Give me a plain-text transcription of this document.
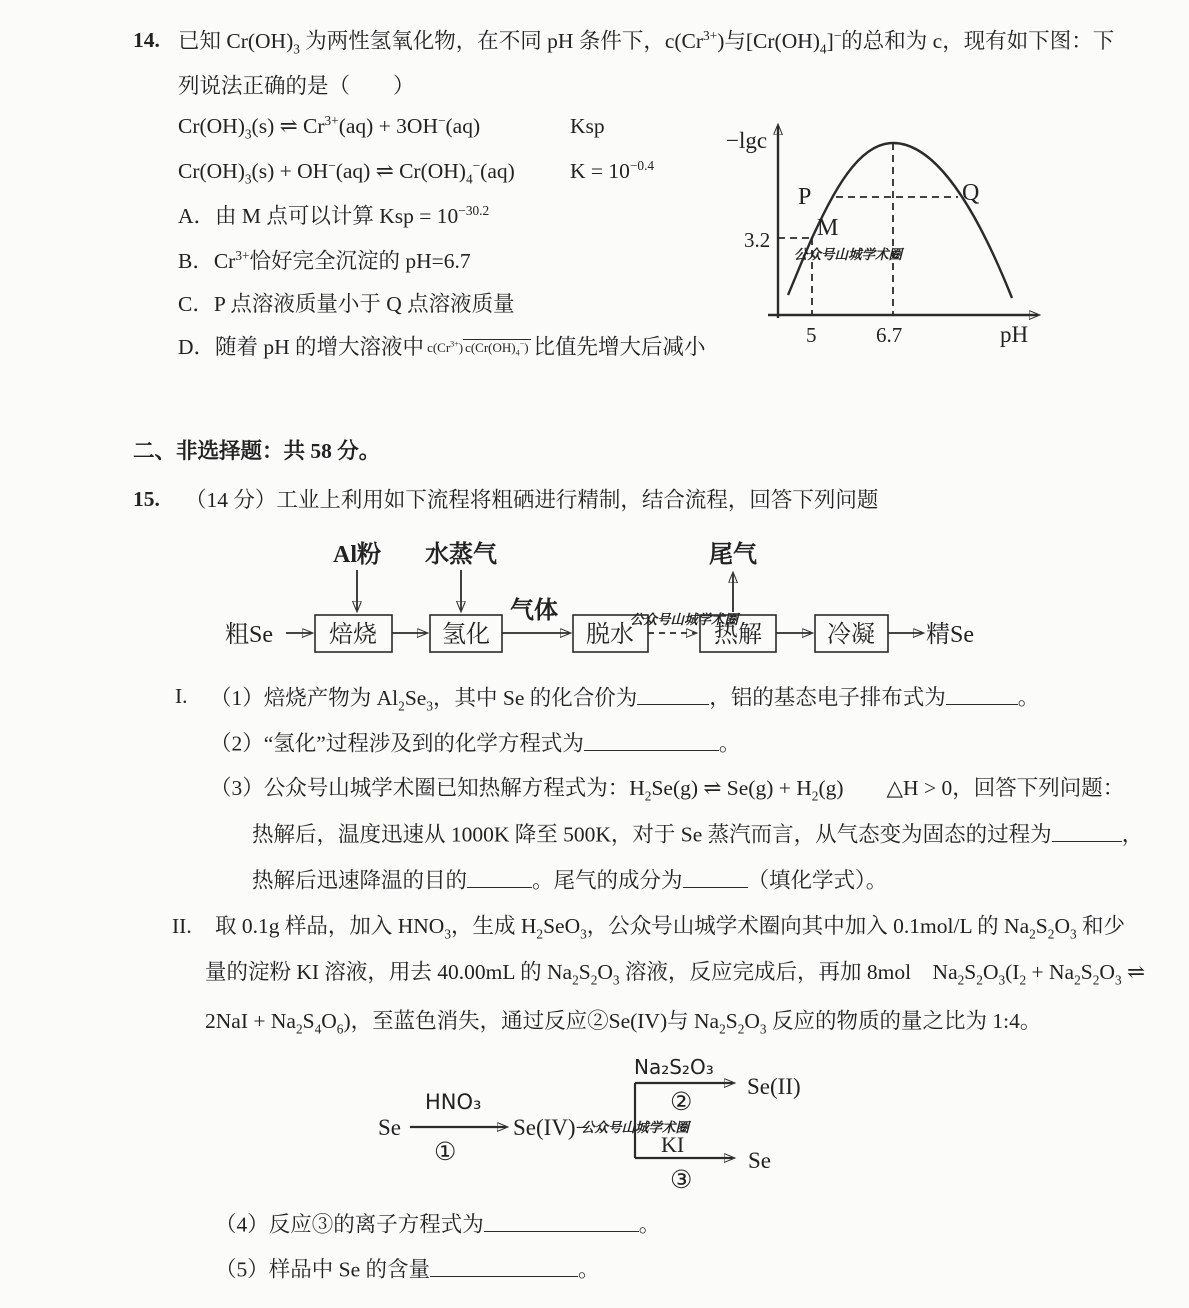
14. 已知 $Cr(OH)_3$ 为两性氢氧化物，在不同 pH 条件下，$c(Cr^{3+})$与$[Cr(OH)_4]^-$的总和为 c，现有如下图：下
列说法正确的是（　　）
$Cr(OH)_3(s)$ ⇌ $Cr^{3+}(aq) + 3OH^-(aq)$	Ksp
$Cr(OH)_3(s) + OH^-(aq)$ ⇌ $Cr(OH)_4^-(aq)$	$K = 10^{-0.4}$
A．由 M 点可以计算 Ksp = $10^{-30.2}$
B．$Cr^{3+}$恰好完全沉淀的 pH=6.7
C．P 点溶液质量小于 Q 点溶液质量
D．随着 pH 的增大溶液中 $c(Cr^{3+})$ $c(Cr(OH)_4^-)$ 比值先增大后减小
−lgc
pH
3.2
5	6.7
P	Q
M
公众号山城学术圈
二、非选择题：共 58 分。
15. （14 分）工业上利用如下流程将粗硒进行精制，结合流程，回答下列问题
Al粉 水蒸气	尾气
粗Se 焙烧	氢化
气体
脱水
公众号山城学术圈
热解	冷凝 精Se
I. （1）焙烧产物为 $Al_2Se_3$，其中 Se 的化合价为	，铝的基态电子排布式为	。
（2）“氢化”过程涉及到的化学方程式为	。
（3）公众号山城学术圈已知热解方程式为：$H_2Se(g)$ ⇌ $Se(g) + H_2(g)$　　△H > 0，回答下列问题：
热解后，温度迅速从 1000K 降至 500K，对于 Se 蒸汽而言，从气态变为固态的过程为	，
热解后迅速降温的目的	。尾气的成分为	（填化学式）。
II. 取 0.1g 样品，加入 $HNO_3$，生成 $H_2SeO_3$，公众号山城学术圈向其中加入 0.1mol/L 的 $Na_2S_2O_3$ 和少
量的淀粉 KI 溶液，用去 40.00mL 的 $Na_2S_2O_3$ 溶液，反应完成后，再加 8mol　$Na_2S_2O_3(I_2 + Na_2S_2O_3$ ⇌
$2NaI + Na_2S_4O_6$)，至蓝色消失，通过反应②Se(IV)与 $Na_2S_2O_3$ 反应的物质的量之比为 1:4。
Se
HNO₃
①
Se(IV)−
公众号山城学术圈
Na₂S₂O₃
②
Se(II)
KI
③
Se
（4）反应③的离子方程式为	。
（5）样品中 Se 的含量	。
